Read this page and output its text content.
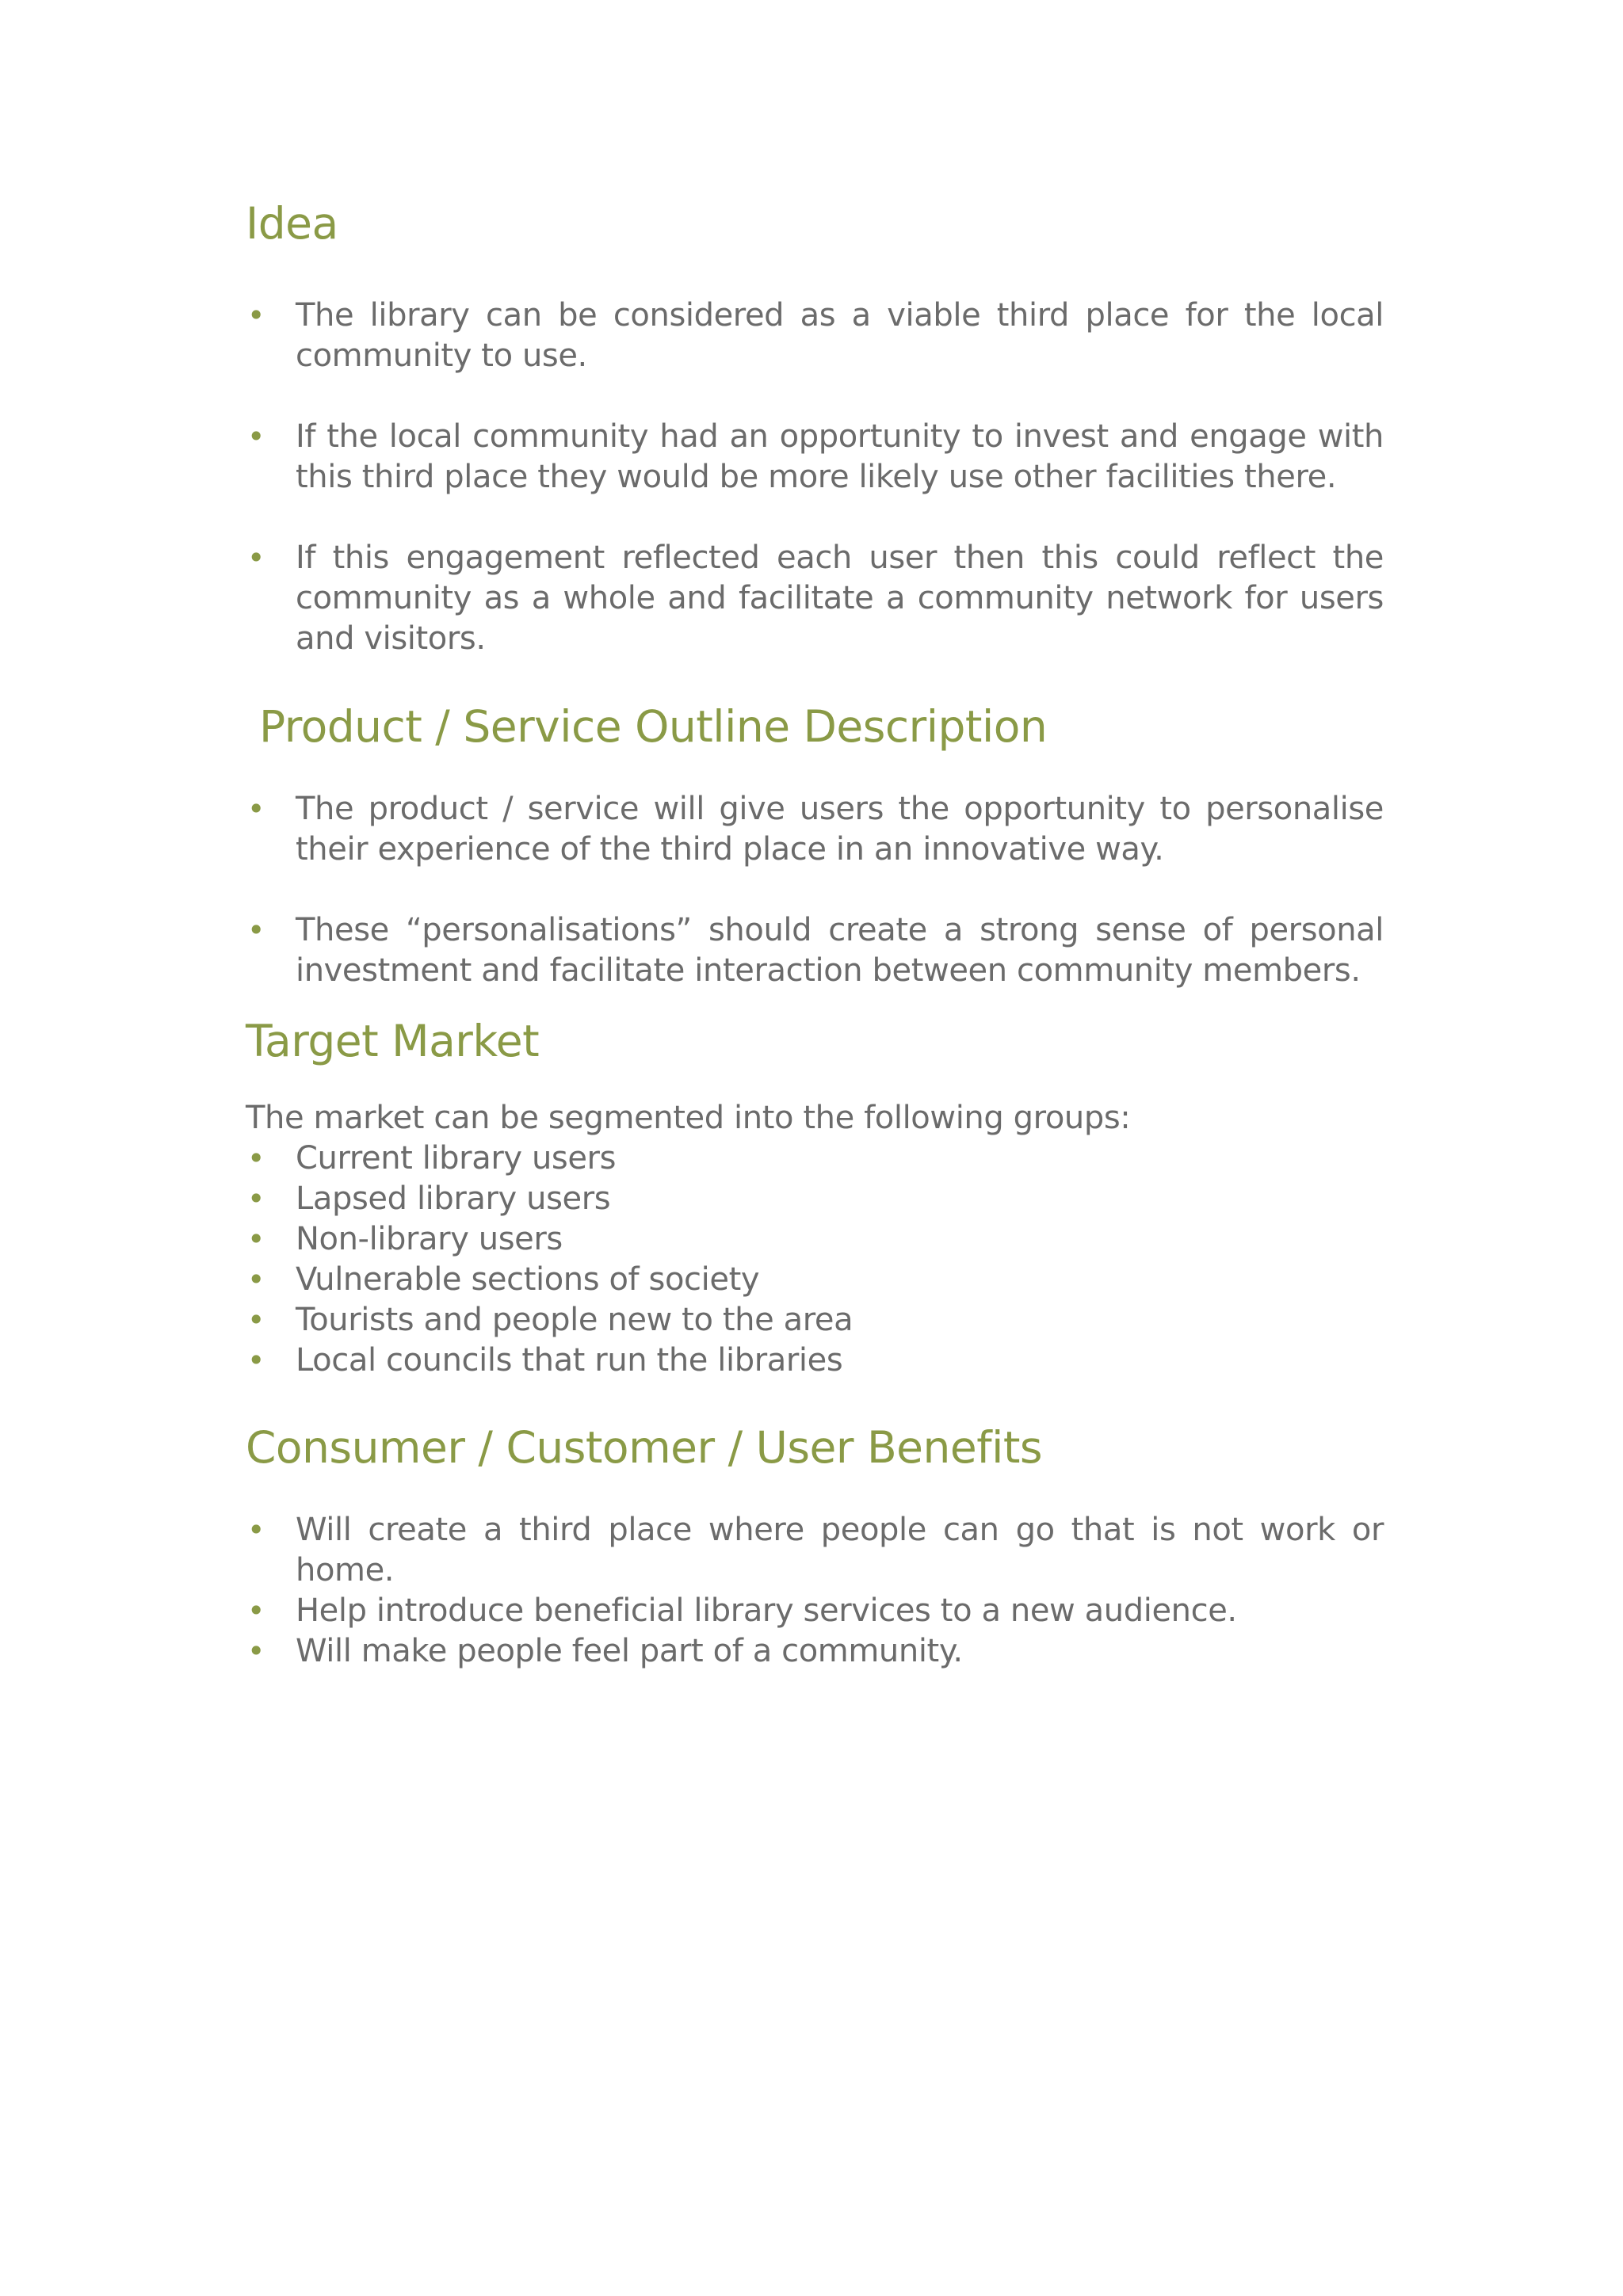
Idea
• The library can be considered as a viable third place for the local community to use.
• If the local community had an opportunity to invest and engage with this third place they would be more likely use other facilities there.
• If this engagement reflected each user then this could reflect the community as a whole and facilitate a community network for users and visitors.
Product / Service Outline Description
• The product / service will give users the opportunity to personalise their experience of the third place in an innovative way.
• These “personalisations” should create a strong sense of personal investment and facilitate interaction between community members.
Target Market

The market can be segmented into the following groups:

• Current library users
• Lapsed library users
• Non-library users
• Vulnerable sections of society
• Tourists and people new to the area
• Local councils that run the libraries
Consumer / Customer / User Benefits
• Will create a third place where people can go that is not work or home.
• Help introduce beneficial library services to a new audience.
• Will make people feel part of a community.
